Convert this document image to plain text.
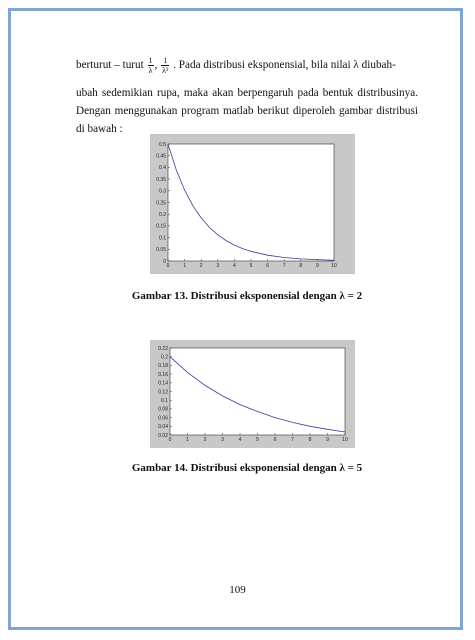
berturut – turut $\frac{1}{\lambda}$ , $\frac{1}{\text{λ²}}$ . Pada distribusi eksponensial, bila nilai λ diubah-
ubah sedemikian rupa, maka akan berpengaruh pada bentuk distribusinya. Dengan menggunakan program matlab berikut diperoleh gambar distribusi di bawah :
0	1	2	3	4	5	6	7	8	9 10
0
0.05
0.1
0.15
0.2
0.25
0.3
0.35
0.4
0.45
0.5
Gambar 13. Distribusi eksponensial dengan λ = 2
0	1	2	3	4	5	6	7	8	9	10
0.02
0.04
0.06
0.08
0.1
0.12
0.14
0.16
0.18
0.2
0.22
Gambar 14. Distribusi eksponensial dengan λ = 5
109
